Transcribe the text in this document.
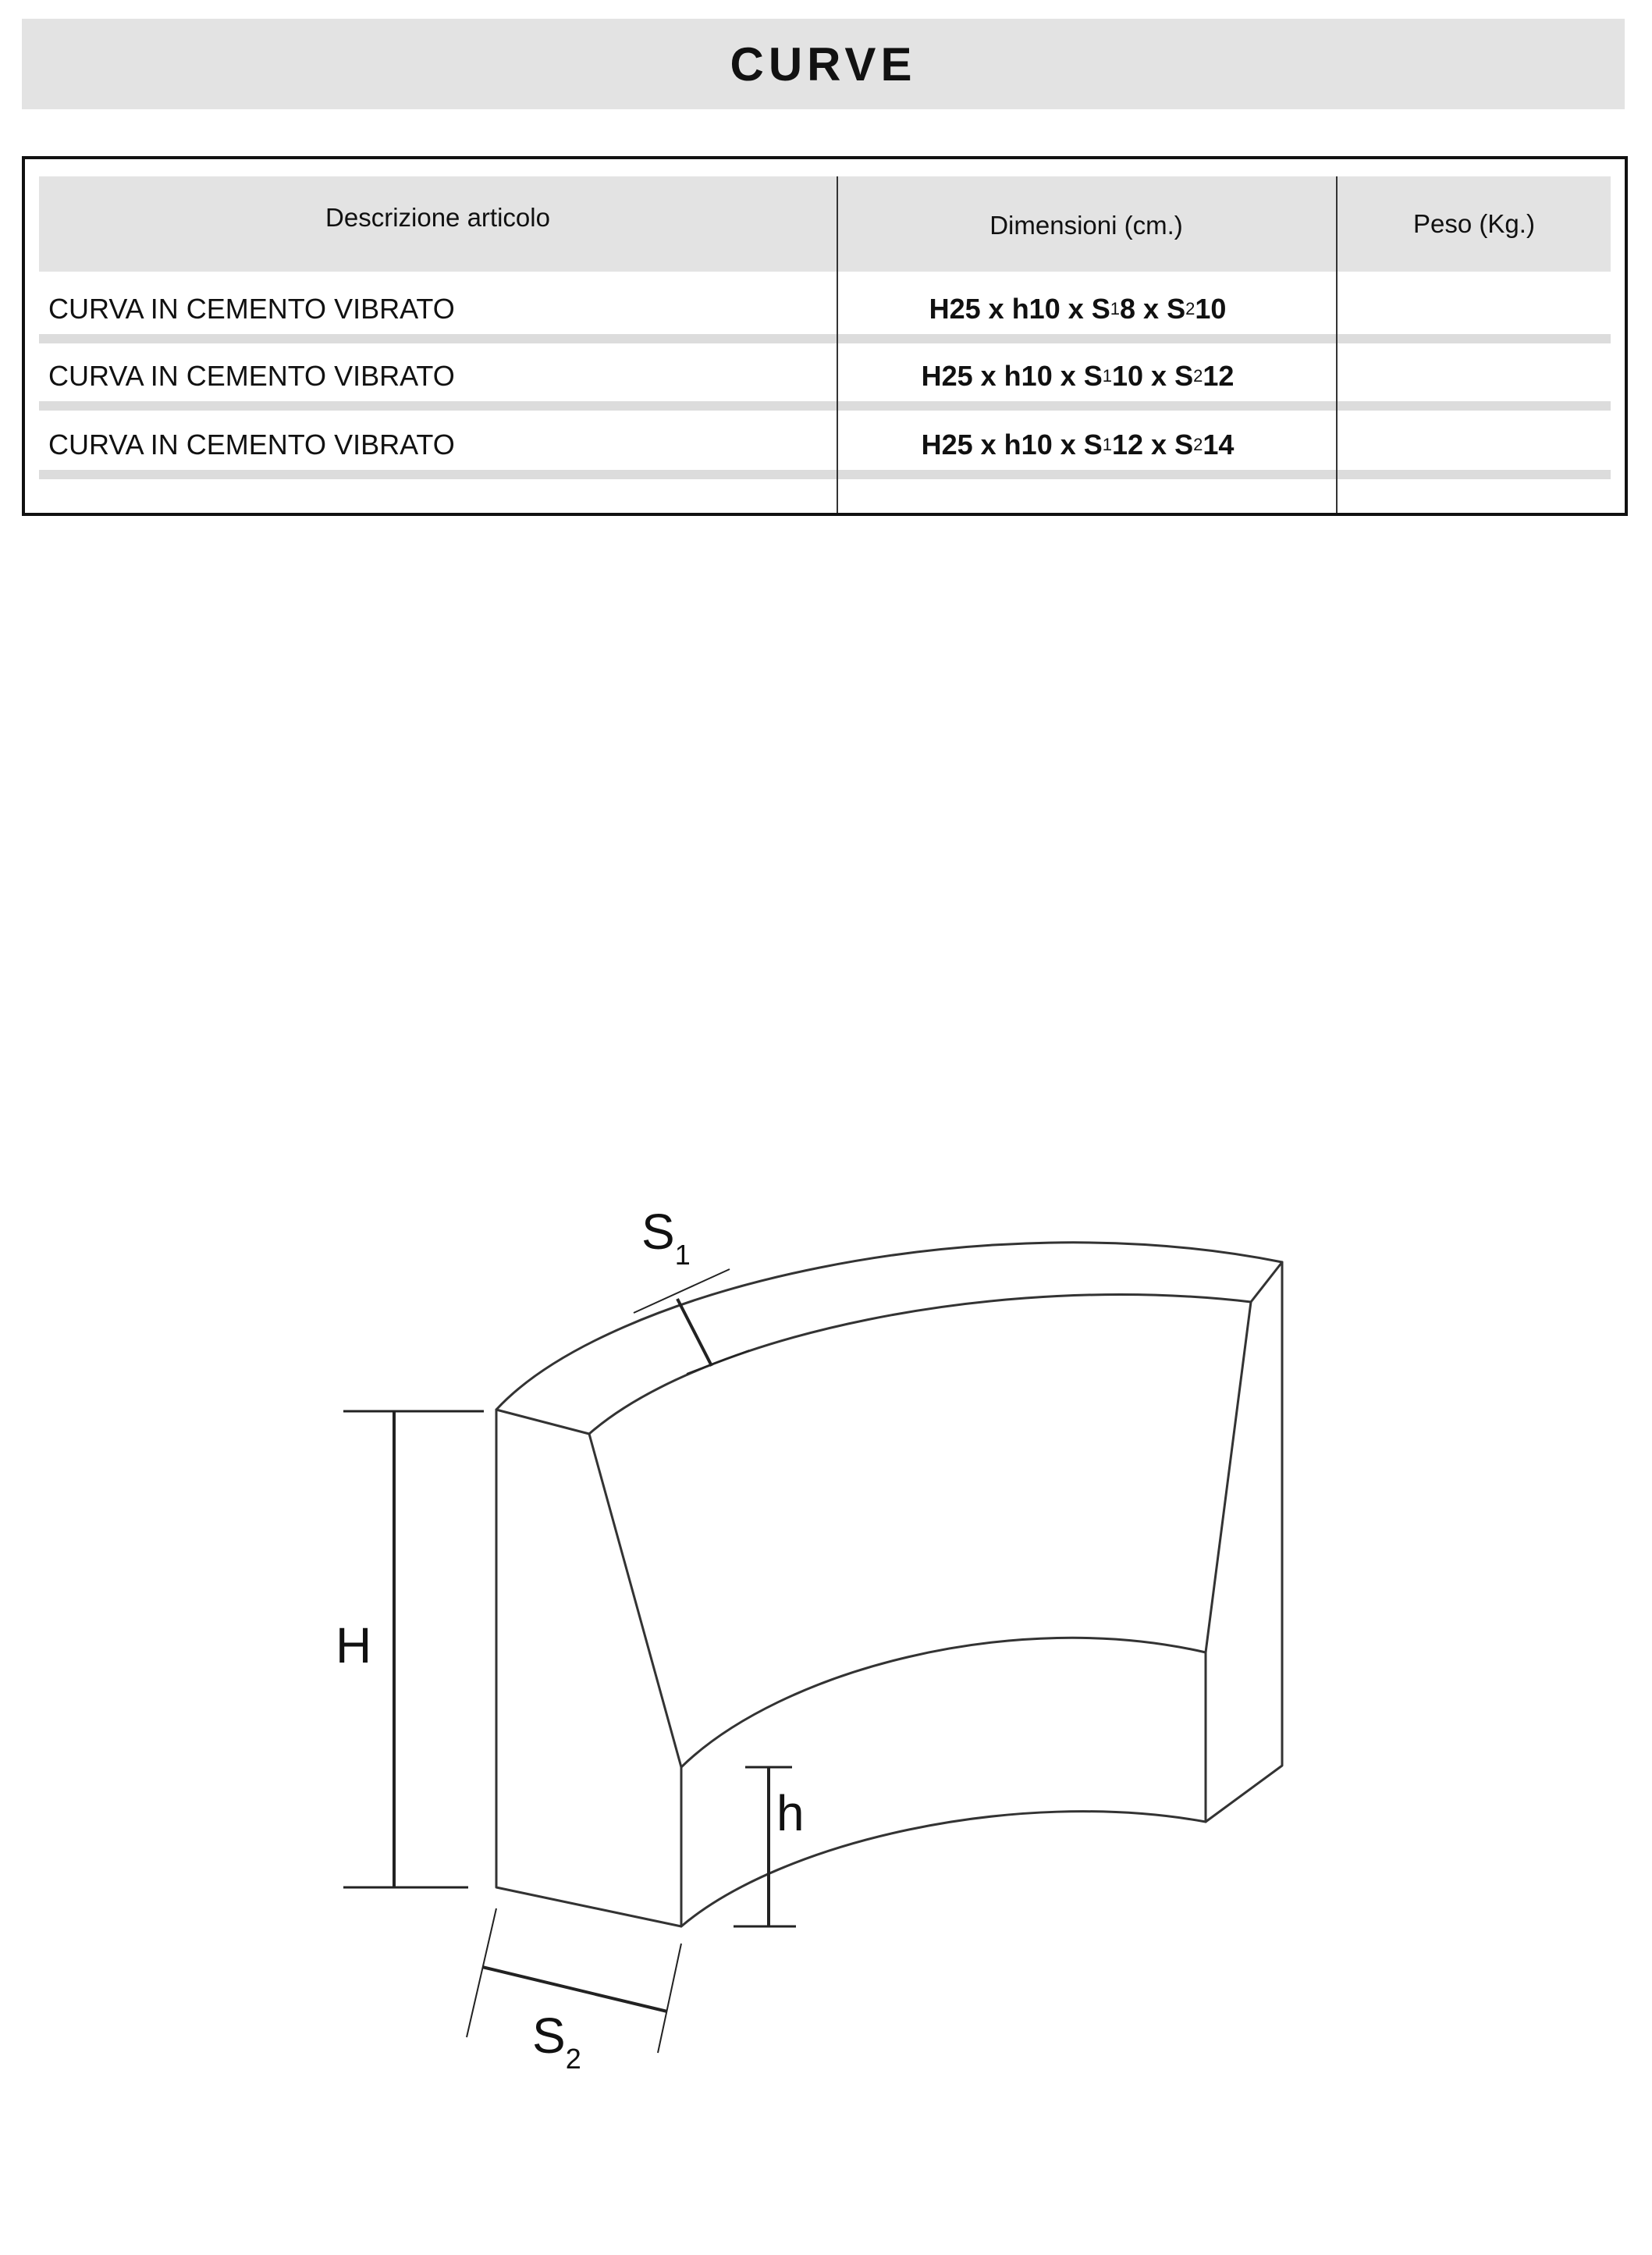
CURVE
Descrizione articolo	Dimensioni (cm.)	Peso (Kg.)
CURVA IN CEMENTO VIBRATO	H25 x h10 x S 1 8 x S 2 10
CURVA IN CEMENTO VIBRATO	H25 x h10 x S 1 10 x S 2 12
CURVA IN CEMENTO VIBRATO	H25 x h10 x S 1 12 x S 2 14
$S_1$
H
h
$S_2$
